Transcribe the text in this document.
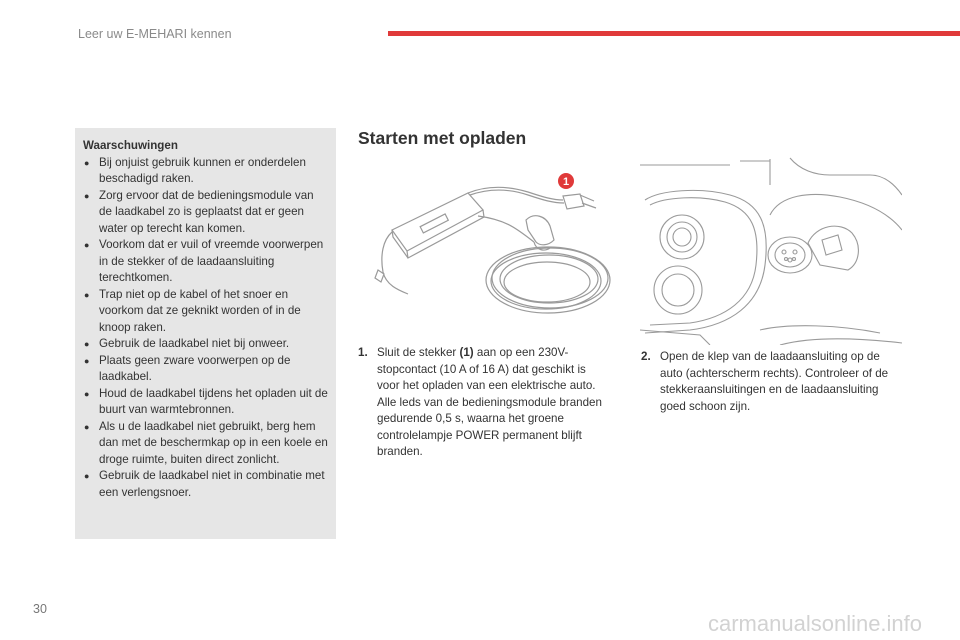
Leer uw E-MEHARI kennen
Waarschuwingen
● Bij onjuist gebruik kunnen er onderdelen beschadigd raken.
● Zorg ervoor dat de bedieningsmodule van de laadkabel zo is geplaatst dat er geen water op terecht kan komen.
● Voorkom dat er vuil of vreemde voorwerpen in de stekker of de laadaansluiting terechtkomen.
● Trap niet op de kabel of het snoer en voorkom dat ze geknikt worden of in de knoop raken.
● Gebruik de laadkabel niet bij onweer.
● Plaats geen zware voorwerpen op de laadkabel.
● Houd de laadkabel tijdens het opladen uit de buurt van warmtebronnen.
● Als u de laadkabel niet gebruikt, berg hem dan met de beschermkap op in een koele en droge ruimte, buiten direct zonlicht.
● Gebruik de laadkabel niet in combinatie met een verlengsnoer.
Starten met opladen
1
1. Sluit de stekker (1) aan op een 230V-stopcontact (10 A of 16 A) dat geschikt is voor het opladen van een elektrische auto. Alle leds van de bedieningsmodule branden gedurende 0,5 s, waarna het groene controlelampje POWER permanent blijft branden.
2. Open de klep van de laadaansluiting op de auto (achterscherm rechts). Controleer of de stekkeraansluitingen en de laadaansluiting goed schoon zijn.
30
carmanualsonline.info
